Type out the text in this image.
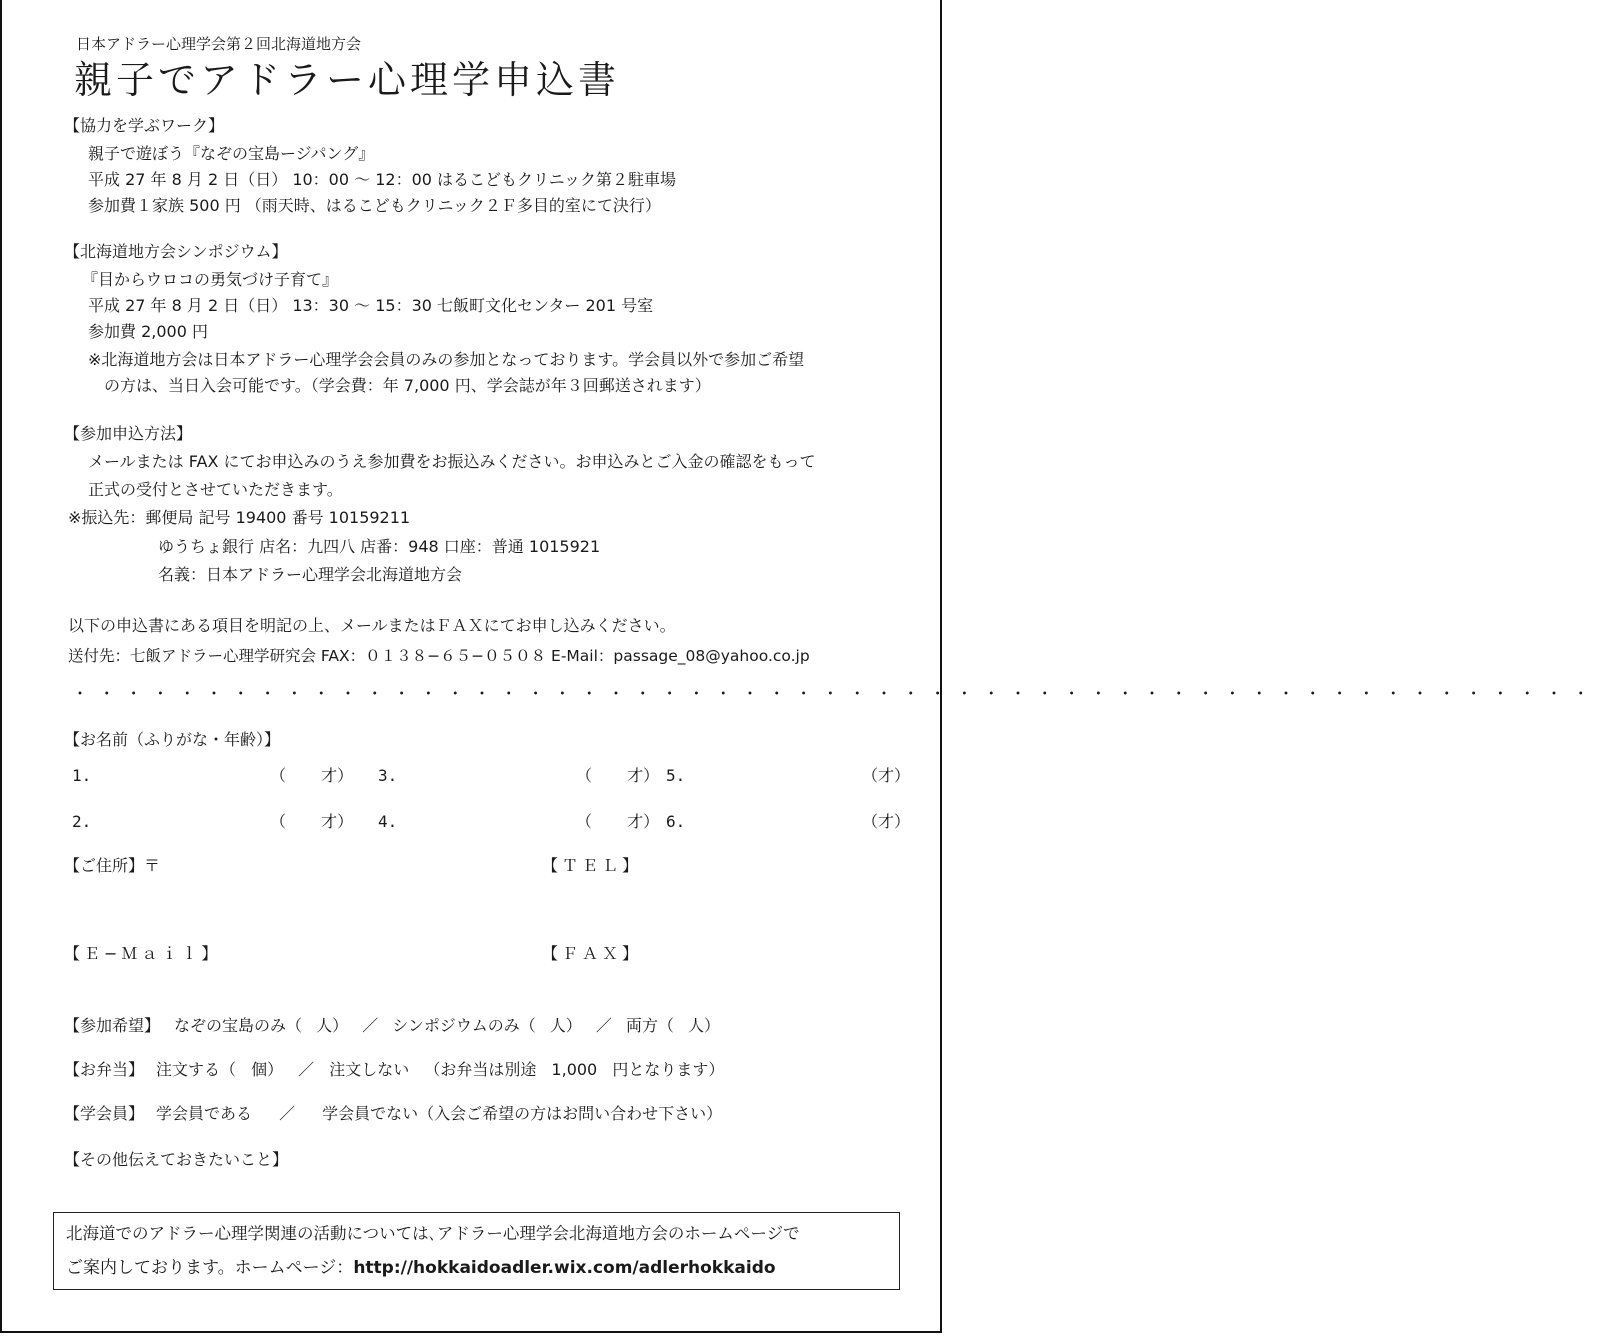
日本アドラー心理学会第２回北海道地方会
親子でアドラー心理学申込書
【協力を学ぶワーク】
親子で遊ぼう『なぞの宝島ージパング』
平成 27 年 8 月 2 日（日） 10：00 ～ 12：00 はるこどもクリニック第２駐車場
参加費１家族 500 円 （雨天時、はるこどもクリニック２Ｆ多目的室にて決行）
【北海道地方会シンポジウム】
『目からウロコの勇気づけ子育て』
平成 27 年 8 月 2 日（日） 13：30 ～ 15：30 七飯町文化センター 201 号室
参加費 2,000 円
※北海道地方会は日本アドラー心理学会会員のみの参加となっております。学会員以外で参加ご希望
の方は、当日入会可能です。（学会費：年 7,000 円、学会誌が年３回郵送されます）
【参加申込方法】
メールまたは FAX にてお申込みのうえ参加費をお振込みください。お申込みとご入金の確認をもって
正式の受付とさせていただきます。
※振込先：郵便局 記号 19400 番号 10159211
ゆうちょ銀行 店名：九四八 店番：948 口座：普通 1015921
名義：日本アドラー心理学会北海道地方会
以下の申込書にある項目を明記の上、メールまたはＦＡＸにてお申し込みください。
送付先：七飯アドラー心理学研究会 FAX：０１３８−６５−０５０８ E-Mail：passage_08@yahoo.co.jp
・・・・・・・・・・・・・・・・・・・・・・・・・・・・・・・・・・・・・・・・・・・・・・・・・・・・・・・・・
【お名前（ふりがな・年齢）】
1.	（ 才） 3.	（ 才） 5.	（才）
2.	（ 才） 4.	（ 才） 6.	（才）
【ご住所】〒	【ＴＥＬ】
【Ｅ−Ｍａｉｌ】	【ＦＡＸ】
【参加希望】 なぞの宝島のみ（ 人） ／ シンポジウムのみ（ 人） ／ 両方（ 人）
【お弁当】 注文する（ 個） ／ 注文しない （お弁当は別途 1,000 円となります）
【学会員】 学会員である ／ 学会員でない（入会ご希望の方はお問い合わせ下さい）
【その他伝えておきたいこと】
北海道でのアドラー心理学関連の活動については､アドラー心理学会北海道地方会のホームページで
ご案内しております。ホームページ：http://hokkaidoadler.wix.com/adlerhokkaido
